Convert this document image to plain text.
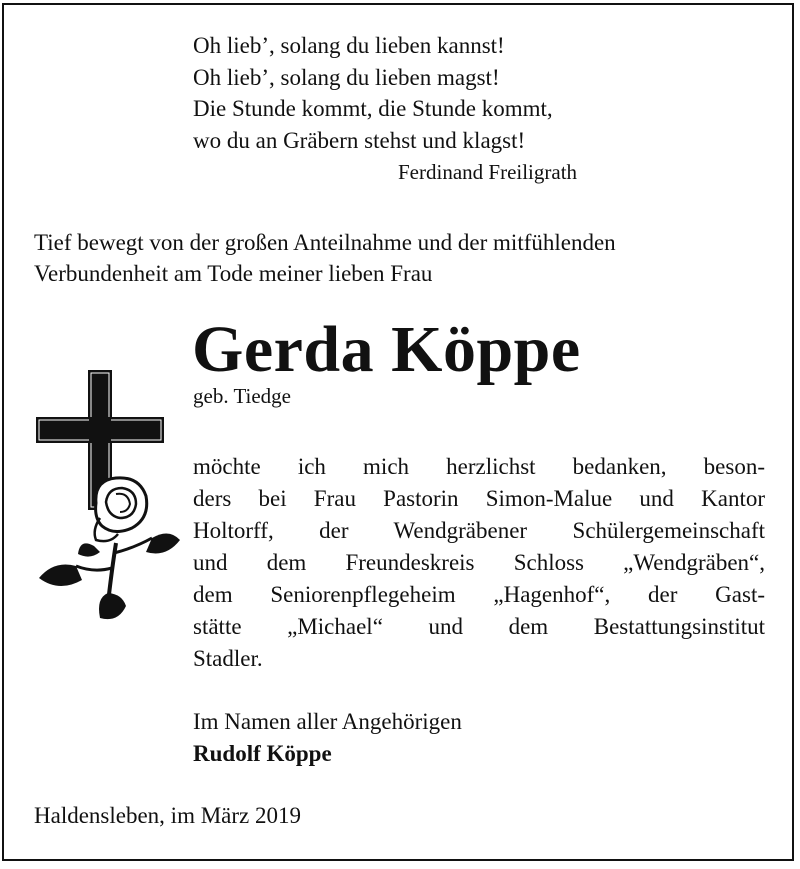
Oh lieb’, solang du lieben kannst!
Oh lieb’, solang du lieben magst!
Die Stunde kommt, die Stunde kommt,
wo du an Gräbern stehst und klagst!
Ferdinand Freiligrath
Tief bewegt von der großen Anteilnahme und der mitfühlenden
Verbundenheit am Tode meiner lieben Frau
Gerda Köppe
geb. Tiedge
möchte ich mich herzlichst bedanken, beson-
ders bei Frau Pastorin Simon-Malue und Kantor
Holtorff, der Wendgräbener Schülergemeinschaft
und dem Freundeskreis Schloss „Wendgräben“,
dem Seniorenpflegeheim „Hagenhof“, der Gast-
stätte „Michael“ und dem Bestattungsinstitut
Stadler.
Im Namen aller Angehörigen
Rudolf Köppe
Haldensleben, im März 2019
